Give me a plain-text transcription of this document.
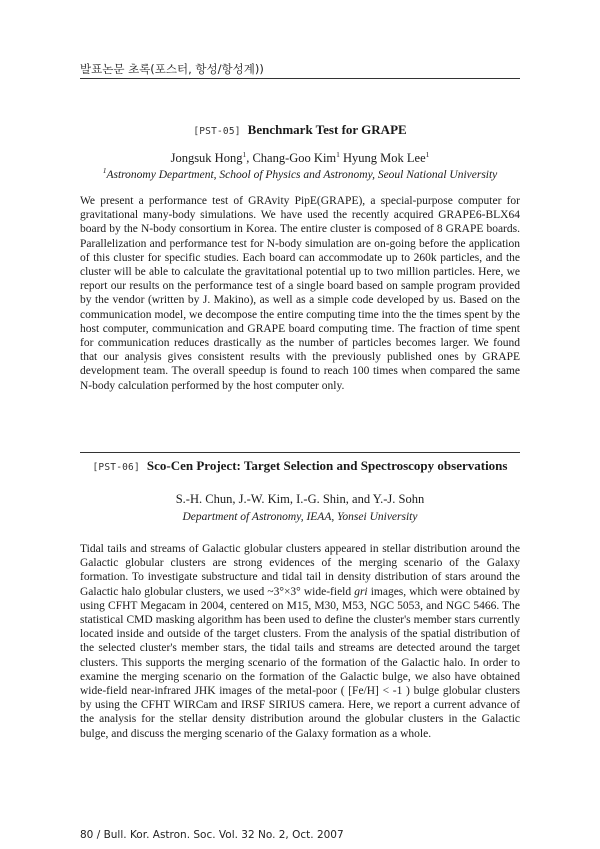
발표논문 초록(포스터, 항성/항성계))
[PST-05] Benchmark Test for GRAPE
Jongsuk Hong$^1$, Chang-Goo Kim$^1$ Hyung Mok Lee$^1$
$^1$Astronomy Department, School of Physics and Astronomy, Seoul National University

We present a performance test of GRAvity PipE(GRAPE), a special-purpose computer for gravitational many-body simulations. We have used the recently acquired GRAPE6-BLX64 board by the N-body consortium in Korea. The entire cluster is composed of 8 GRAPE boards. Parallelization and performance test for N-body simulation are on-going before the application of this cluster for specific studies. Each board can accommodate up to 260k particles, and the cluster will be able to calculate the gravitational potential up to two million particles. Here, we report our results on the performance test of a single board based on sample program provided by the vendor (written by J. Makino), as well as a simple code developed by us. Based on the communication model, we decompose the entire computing time into the the times spent by the host computer, communication and GRAPE board computing time. The fraction of time spent for communication reduces drastically as the number of particles becomes larger. We found that our analysis gives consistent results with the previously published ones by GRAPE development team. The overall speedup is found to reach 100 times when compared the same N-body calculation performed by the host computer only.

[PST-06] Sco-Cen Project: Target Selection and Spectroscopy observations
S.-H. Chun, J.-W. Kim, I.-G. Shin, and Y.-J. Sohn
Department of Astronomy, IEAA, Yonsei University

Tidal tails and streams of Galactic globular clusters appeared in stellar distribution around the Galactic globular clusters are strong evidences of the merging scenario of the Galaxy formation. To investigate substructure and tidal tail in density distribution of stars around the Galactic halo globular clusters, we used ~3°×3° wide-field gri images, which were obtained by using CFHT Megacam in 2004, centered on M15, M30, M53, NGC 5053, and NGC 5466. The statistical CMD masking algorithm has been used to define the cluster's member stars currently located inside and outside of the target clusters. From the analysis of the spatial distribution of the selected cluster's member stars, the tidal tails and streams are detected around the target clusters. This supports the merging scenario of the formation of the Galactic halo. In order to examine the merging scenario on the formation of the Galactic bulge, we also have obtained wide-field near-infrared JHK images of the metal-poor ( [Fe/H] < -1 ) bulge globular clusters by using the CFHT WIRCam and IRSF SIRIUS camera. Here, we report a current advance of the analysis for the stellar density distribution around the globular clusters in the Galactic bulge, and discuss the merging scenario of the Galaxy formation as a whole.

80 / Bull. Kor. Astron. Soc. Vol. 32 No. 2, Oct. 2007
